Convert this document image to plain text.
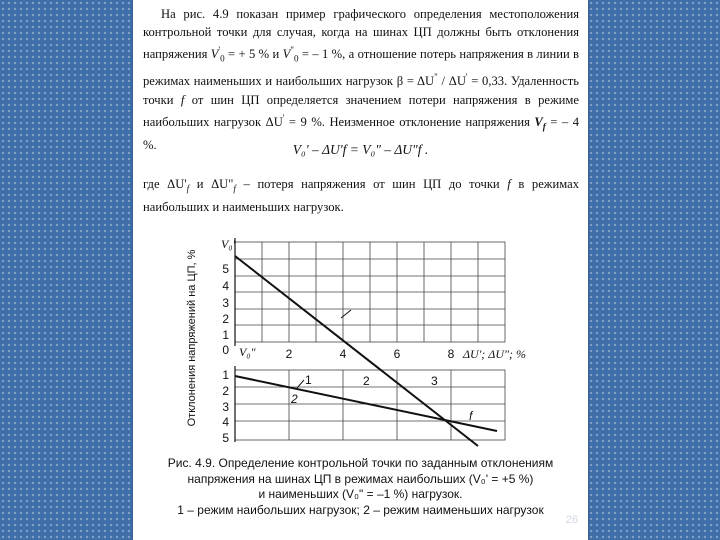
На рис. 4.9 показан пример графического определения местоположения контрольной точки для случая, когда на шинах ЦП должны быть отклонения напряжения $V'_0$ = + 5 % и $V^"_0$ = – 1 %, а отношение потерь напряжения в линии в режимах наименьших и наибольших нагрузок β = ΔU" / ΔU' = 0,33. Удаленность точки f от шин ЦП определяется значением потери напряжения в режиме наибольших нагрузок ΔU' = 9 %. Неизменное отклонение напряжения $V_f$ = – 4 %.	V₀' – ΔU'f = V₀" – ΔU"f .

где $\Delta U'_f$ и $\Delta U"_f$ – потеря напряжения от шин ЦП до точки f в режимах наибольших и наименьших нагрузок.

Отклонения напряжений на ЦП, %
V₀'
5
4
3
2
1
0 V₀"	2	4	6	8 ΔU'; ΔU"; %
1
2
3
4
5
1	2	3
2
f
Рис. 4.9. Определение контрольной точки по заданным отклонениям
напряжения на шинах ЦП в режимах наибольших (V₀' = +5 %)
и наименьших (V₀" = –1 %) нагрузок.
1 – режим наибольших нагрузок; 2 – режим наименьших нагрузок
26
